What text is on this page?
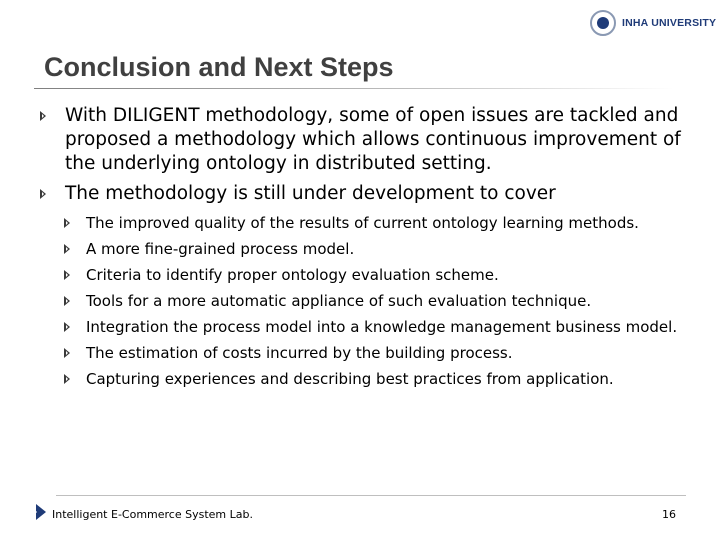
INHA UNIVERSITY
Conclusion and Next Steps
With DILIGENT methodology, some of open issues are tackled and proposed a methodology which allows continuous improvement of the underlying ontology in distributed setting.
The methodology is still under development to cover
The improved quality of the results of current ontology learning methods.
A more fine-grained process model.
Criteria to identify proper ontology evaluation scheme.
Tools for a more automatic appliance of such evaluation technique.
Integration the process model into a knowledge management business model.
The estimation of costs incurred by the building process.
Capturing experiences and describing best practices from application.
Intelligent E-Commerce System Lab.	16
